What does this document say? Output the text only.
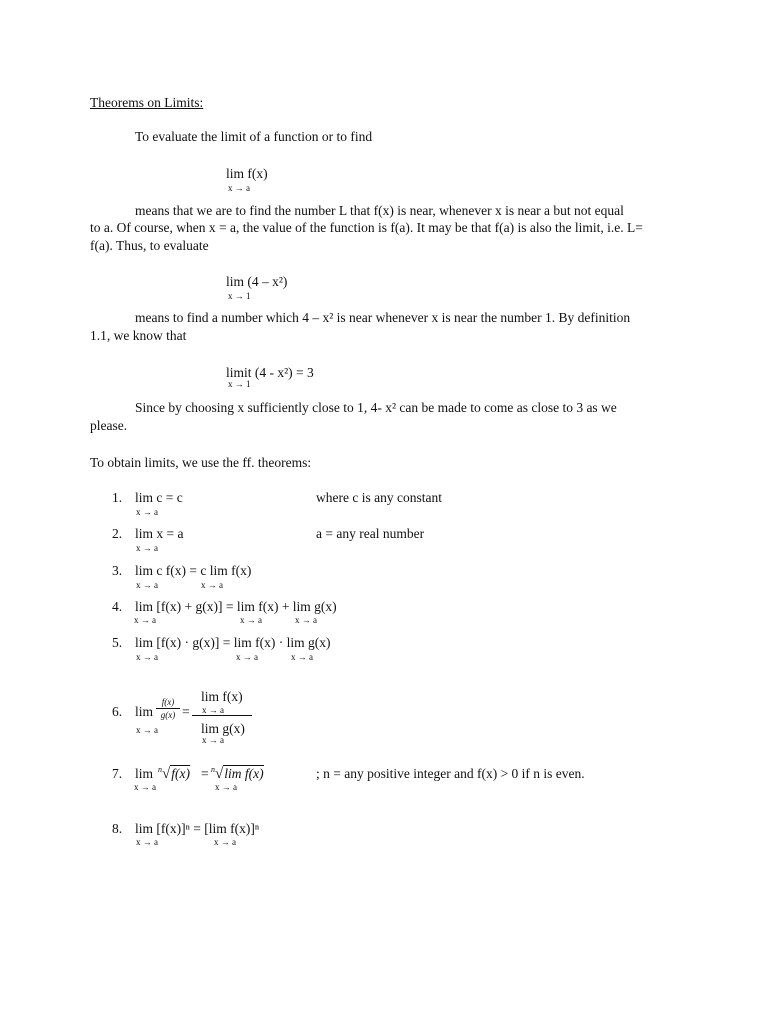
Theorems on Limits:
To evaluate the limit of a function or to find
lim f(x)
x → a
means that we are to find the number L that f(x) is near, whenever x is near a but not equal
to a. Of course, when x = a, the value of the function is f(a). It may be that f(a) is also the limit, i.e. L=
f(a). Thus, to evaluate
lim (4 – x²)
x → 1
means to find a number which 4 – x² is near whenever x is near the number 1. By definition
1.1, we know that
limit (4 - x²) = 3
x → 1
Since by choosing x sufficiently close to 1, 4- x² can be made to come as close to 3 as we
please.
To obtain limits, we use the ff. theorems:
1. lim c = c
x → a
where c is any constant
2. lim x = a
x → a
a = any real number
3. lim c f(x) = c lim f(x)
x → a	x → a
4. lim [f(x) + g(x)] = lim f(x) + lim g(x)
x → a	x → a	x → a
5. lim [f(x) · g(x)] = lim f(x) · lim g(x)
x → a	x → a	x → a
6. lim
f(x)
g(x) =
x → a
lim f(x)
x → a
lim g(x)
x → a
7. lim $^n$√f(x) = $^n$√lim f(x)
x → a	x → a
; n = any positive integer and f(x) > 0 if n is even.
8. lim [f(x)]ⁿ = [lim f(x)]ⁿ
x → a	x → a
